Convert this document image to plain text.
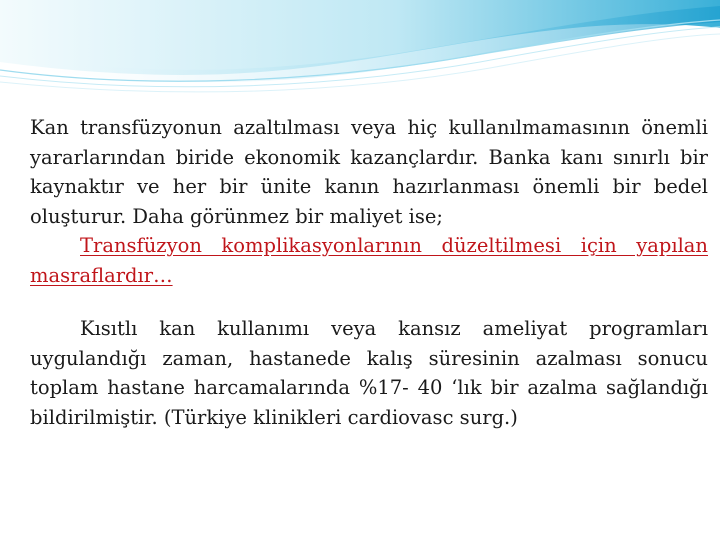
Kan transfüzyonun azaltılması veya hiç kullanılmamasının önemli yararlarından biride ekonomik kazançlardır. Banka kanı sınırlı bir kaynaktır ve her bir ünite kanın hazırlanması önemli bir bedel oluşturur. Daha görünmez bir maliyet ise;
Transfüzyon komplikasyonlarının düzeltilmesi için yapılan masraflardır…

Kısıtlı kan kullanımı veya kansız ameliyat programları uygulandığı zaman, hastanede kalış süresinin azalması sonucu toplam hastane harcamalarında %17- 40 ‘lık bir azalma sağlandığı bildirilmiştir. (Türkiye klinikleri cardiovasc surg.)
